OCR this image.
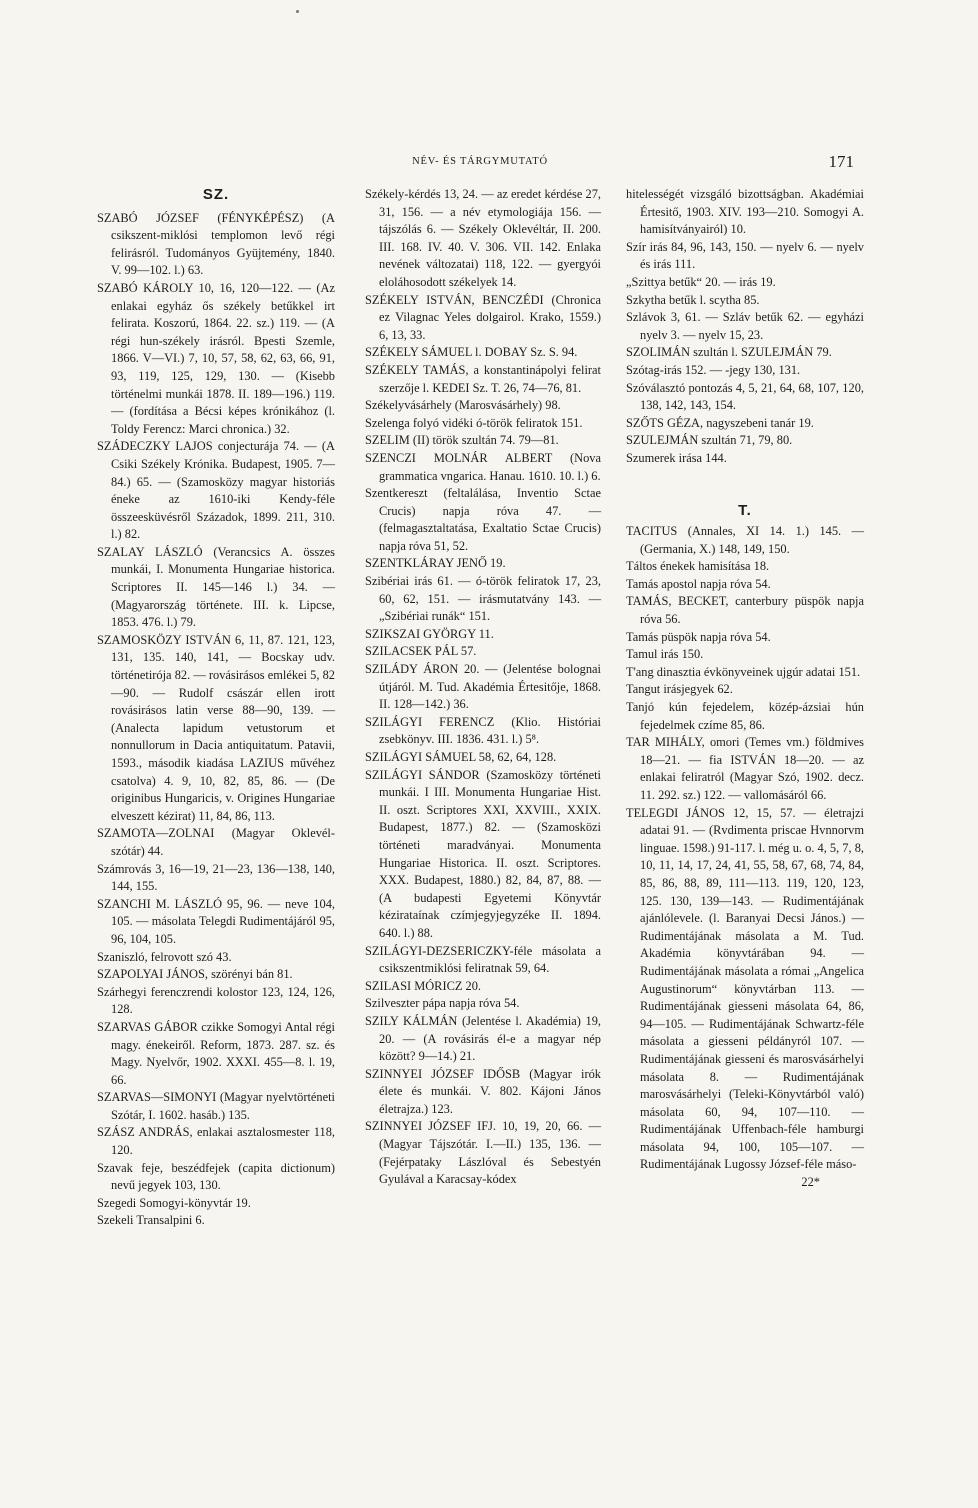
NÉV- ÉS TÁRGYMUTATÓ	171
SZ.

SZABÓ JÓZSEF (FÉNYKÉPÉSZ) (A csikszent-miklósi templomon levő régi felirásról. Tudományos Gyüjtemény, 1840. V. 99—102. l.) 63.

SZABÓ KÁROLY 10, 16, 120—122. — (Az enlakai egyház ős székely betűkkel irt felirata. Koszorú, 1864. 22. sz.) 119. — (A régi hun-székely irásról. Bpesti Szemle, 1866. V—VI.) 7, 10, 57, 58, 62, 63, 66, 91, 93, 119, 125, 129, 130. — (Kisebb történelmi munkái 1878. II. 189—196.) 119. — (fordítása a Bécsi képes krónikához (l. Toldy Ferencz: Marci chronica.) 32.

SZÁDECZKY LAJOS conjecturája 74. — (A Csiki Székely Krónika. Budapest, 1905. 7—84.) 65. — (Szamosközy magyar historiás éneke az 1610-iki Kendy-féle összeesküvésről Századok, 1899. 211, 310. l.) 82.

SZALAY LÁSZLÓ (Verancsics A. összes munkái, I. Monumenta Hungariae historica. Scriptores II. 145—146 l.) 34. — (Magyarország története. III. k. Lipcse, 1853. 476. l.) 79.

SZAMOSKÖZY ISTVÁN 6, 11, 87. 121, 123, 131, 135. 140, 141, — Bocskay udv. történetirója 82. — rovásirásos emlékei 5, 82—90. — Rudolf császár ellen irott rovásirásos latin verse 88—90, 139. — (Analecta lapidum vetustorum et nonnullorum in Dacia antiquitatum. Patavii, 1593., második kiadása LAZIUS művéhez csatolva) 4. 9, 10, 82, 85, 86. — (De originibus Hungaricis, v. Origines Hungariae elveszett kézirat) 11, 84, 86, 113.

SZAMOTA—ZOLNAI (Magyar Oklevél-szótár) 44.

Számrovás 3, 16—19, 21—23, 136—138, 140, 144, 155.

SZANCHI M. LÁSZLÓ 95, 96. — neve 104, 105. — másolata Telegdi Rudimentájáról 95, 96, 104, 105.

Szaniszló, felrovott szó 43.

SZAPOLYAI JÁNOS, szörényi bán 81.

Szárhegyi ferenczrendi kolostor 123, 124, 126, 128.

SZARVAS GÁBOR czikke Somogyi Antal régi magy. énekeiről. Reform, 1873. 287. sz. és Magy. Nyelvőr, 1902. XXXI. 455—8. l. 19, 66.

SZARVAS—SIMONYI (Magyar nyelvtörténeti Szótár, I. 1602. hasáb.) 135.

SZÁSZ ANDRÁS, enlakai asztalosmester 118, 120.

Szavak feje, beszédfejek (capita dictionum) nevű jegyek 103, 130.

Szegedi Somogyi-könyvtár 19.

Szekeli Transalpini 6.

Székely-kérdés 13, 24. — az eredet kérdése 27, 31, 156. — a név etymologiája 156. — tájszólás 6. — Székely Oklevéltár, II. 200. III. 168. IV. 40. V. 306. VII. 142. Enlaka nevének változatai) 118, 122. — gyergyói eloláhosodott székelyek 14.

SZÉKELY ISTVÁN, BENCZÉDI (Chronica ez Vilagnac Yeles dolgairol. Krako, 1559.) 6, 13, 33.

SZÉKELY SÁMUEL l. DOBAY Sz. S. 94.

SZÉKELY TAMÁS, a konstantinápolyi felirat szerzője l. KEDEI Sz. T. 26, 74—76, 81.

Székelyvásárhely (Marosvásárhely) 98.

Szelenga folyó vidéki ó-török feliratok 151.

SZELIM (II) török szultán 74. 79—81.

SZENCZI MOLNÁR ALBERT (Nova grammatica vngarica. Hanau. 1610. 10. l.) 6.

Szentkereszt (feltalálása, Inventio Sctae Crucis) napja róva 47. — (felmagasztaltatása, Exaltatio Sctae Crucis) napja róva 51, 52.

SZENTKLÁRAY JENŐ 19.

Szibériai irás 61. — ó-török feliratok 17, 23, 60, 62, 151. — irásmutatvány 143. — „Szibériai runák“ 151.

SZIKSZAI GYÖRGY 11.

SZILACSEK PÁL 57.

SZILÁDY ÁRON 20. — (Jelentése bolognai útjáról. M. Tud. Akadémia Értesitője, 1868. II. 128—142.) 36.

SZILÁGYI FERENCZ (Klio. Históriai zsebkönyv. III. 1836. 431. l.) 5⁸.

SZILÁGYI SÁMUEL 58, 62, 64, 128.

SZILÁGYI SÁNDOR (Szamosközy történeti munkái. I III. Monumenta Hungariae Hist. II. oszt. Scriptores XXI, XXVIII., XXIX. Budapest, 1877.) 82. — (Szamosközi történeti maradványai. Monumenta Hungariae Historica. II. oszt. Scriptores. XXX. Budapest, 1880.) 82, 84, 87, 88. — (A budapesti Egyetemi Könyvtár kézirataínak czímjegyjegyzéke II. 1894. 640. l.) 88.

SZILÁGYI-DEZSERICZKY-féle másolata a csikszentmiklósi feliratnak 59, 64.

SZILASI MÓRICZ 20.

Szilveszter pápa napja róva 54.

SZILY KÁLMÁN (Jelentése l. Akadémia) 19, 20. — (A rovásirás él-e a magyar nép között? 9—14.) 21.

SZINNYEI JÓZSEF IDŐSB (Magyar irók élete és munkái. V. 802. Kájoni János életrajza.) 123.

SZINNYEI JÓZSEF IFJ. 10, 19, 20, 66. — (Magyar Tájszótár. I.—II.) 135, 136. — (Fejérpataky Lászlóval és Sebestyén Gyulával a Karacsay-kódex

hitelességét vizsgáló bizottságban. Akadémiai Értesitő, 1903. XIV. 193—210. Somogyi A. hamisítványairól) 10.

Szír irás 84, 96, 143, 150. — nyelv 6. — nyelv és irás 111.

„Szittya betűk“ 20. — irás 19.

Szkytha betűk l. scytha 85.

Szlávok 3, 61. — Szláv betűk 62. — egyházi nyelv 3. — nyelv 15, 23.

SZOLIMÁN szultán l. SZULEJMÁN 79.

Szótag-irás 152. — -jegy 130, 131.

Szóválasztó pontozás 4, 5, 21, 64, 68, 107, 120, 138, 142, 143, 154.

SZŐTS GÉZA, nagyszebeni tanár 19.

SZULEJMÁN szultán 71, 79, 80.

Szumerek irása 144.

T.

TACITUS (Annales, XI 14. 1.) 145. — (Germania, X.) 148, 149, 150.

Táltos énekek hamisítása 18.

Tamás apostol napja róva 54.

TAMÁS, BECKET, canterbury püspök napja róva 56.

Tamás püspök napja róva 54.

Tamul irás 150.

T'ang dinasztia évkönyveinek ujgúr adatai 151.

Tangut irásjegyek 62.

Tanjó kún fejedelem, közép-ázsiai hún fejedelmek czíme 85, 86.

TAR MIHÁLY, omori (Temes vm.) földmives 18—21. — fia ISTVÁN 18—20. — az enlakai feliratról (Magyar Szó, 1902. decz. 11. 292. sz.) 122. — vallomásáról 66.

TELEGDI JÁNOS 12, 15, 57. — életrajzi adatai 91. — (Rvdimenta priscae Hvnnorvm linguae. 1598.) 91-117. l. még u. o. 4, 5, 7, 8, 10, 11, 14, 17, 24, 41, 55, 58, 67, 68, 74, 84, 85, 86, 88, 89, 111—113. 119, 120, 123, 125. 130, 139—143. — Rudimentájának ajánlólevele. (l. Baranyai Decsi János.) — Rudimentájának másolata a M. Tud. Akadémia könyvtárában 94. — Rudimentájának másolata a római „Angelica Augustinorum“ könyvtárban 113. — Rudimentájának giesseni másolata 64, 86, 94—105. — Rudimentájának Schwartz-féle másolata a giesseni példányról 107. — Rudimentájának giesseni és marosvásárhelyi másolata 8. — Rudimentájának marosvásárhelyi (Teleki-Könyvtárból való) másolata 60, 94, 107—110. — Rudimentájának Uffenbach-féle hamburgi másolata 94, 100, 105—107. — Rudimentájának Lugossy József-féle máso-

22*
